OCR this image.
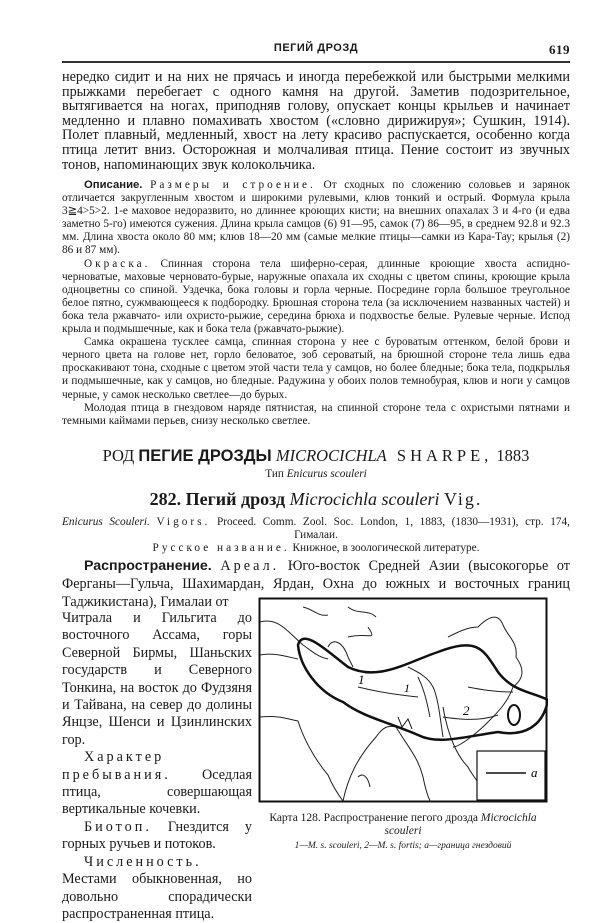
ПЕГИЙ ДРОЗД	619

нередко сидит и на них не прячась и иногда перебежкой или быстрыми мелкими прыжками перебегает с одного камня на другой. Заметив подозрительное, вытягивается на ногах, приподняв голову, опускает концы крыльев и начинает медленно и плавно помахивать хвостом («словно дирижируя»; Сушкин, 1914). Полет плавный, медленный, хвост на лету красиво распускается, особенно когда птица летит вниз. Осторожная и молчаливая птица. Пение состоит из звучных тонов, напоминающих звук колокольчика.

Описание. Размеры и строение. От сходных по сложению соловьев и зарянок отличается закругленным хвостом и широкими рулевыми, клюв тонкий и острый. Формула крыла 3≧4>5>2. 1-е маховое недоразвито, но длиннее кроющих кисти; на внешних опахалах 3 и 4-го (и едва заметно 5-го) имеются сужения. Длина крыла самцов (6) 91—95, самок (7) 86—95, в среднем 92.8 и 92.3 мм. Длина хвоста около 80 мм; клюв 18—20 мм (самые мелкие птицы—самки из Кара-Тау; крылья (2) 86 и 87 мм).

Окраска. Спинная сторона тела шиферно-серая, длинные кроющие хвоста аспидно-черноватые, маховые черновато-бурые, наружные опахала их сходны с цветом спины, кроющие крыла одноцветны со спиной. Уздечка, бока головы и горла черные. Посредине горла большое треугольное белое пятно, сужмвающееся к подбородку. Брюшная сторона тела (за исключением названных частей) и бока тела ржавчато- или охристо-рыжие, середина брюха и подхвостье белые. Рулевые черные. Испод крыла и подмышечные, как и бока тела (ржавчато-рыжие).

Самка окрашена тусклее самца, спинная сторона у нее с буроватым оттенком, белой брови и черного цвета на голове нет, горло беловатое, зоб сероватый, на брюшной стороне тела лишь едва проскакивают тона, сходные с цветом этой части тела у самцов, но более бледные; бока тела, подкрылья и подмышечные, как у самцов, но бледные. Радужина у обоих полов темнобурая, клюв и ноги у самцов черные, у самок несколько светлее—до бурых.

Молодая птица в гнездовом наряде пятнистая, на спинной стороне тела с охристыми пятнами и темными каймами перьев, снизу несколько светлее.

РОД ПЕГИЕ ДРОЗДЫ MICROCICHLA SHARPE, 1883
Тип Enicurus scouleri
282. Пегий дрозд Microcichla scouleri Vig.
Enicurus Scouleri. Vigors. Proceed. Comm. Zool. Soc. London, 1, 1883, (1830—1931), стр. 174, Гималаи.
Русское название. Книжное, в зоологической литературе.

Распространение. Ареал. Юго-восток Средней Азии (высокогорье от Ферганы—Гульча, Шахимардан, Ярдан, Охна до южных и восточных границ Таджикистана), Гималаи от

Читрала и Гильгита до восточного Ассама, горы Северной Бирмы, Шаньских государств и Северного Тонкина, на восток до Фудзяня и Тайвана, на север до долины Янцзе, Шенси и Цзинлинских гор.

Характер пребывания. Оседлая птица, совершающая вертикальные кочевки.

Биотоп. Гнездится у горных ручьев и потоков.

Численность. Местами обыкновенная, но довольно спорадически распространенная птица.

1
1
2
a
Карта 128. Распространение пегого дрозда Microcichla scouleri
1—M. s. scouleri, 2—M. s. fortis; а—граница гнездовий
